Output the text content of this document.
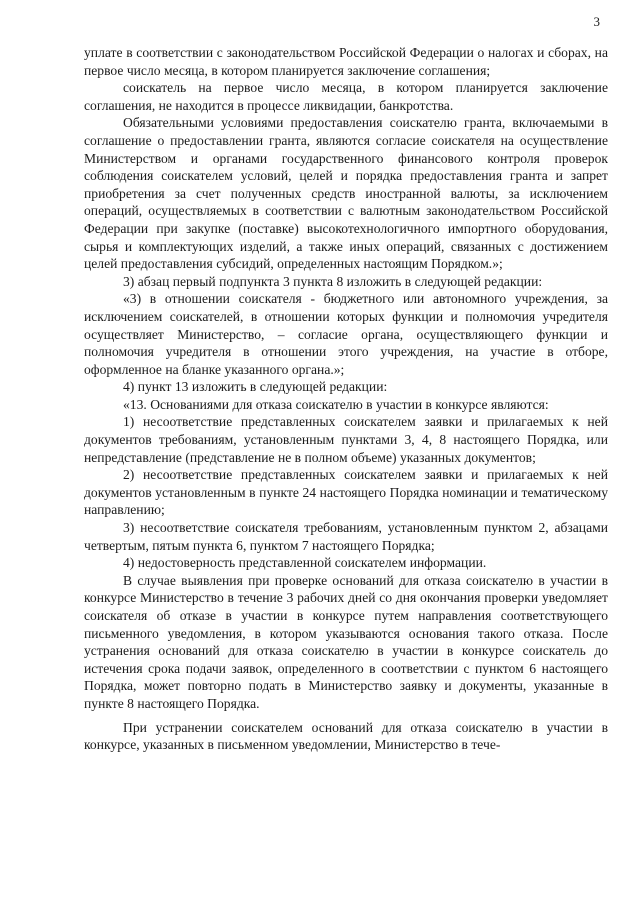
3

уплате в соответствии с законодательством Российской Федерации о налогах и сборах, на первое число месяца, в котором планируется заключение соглашения;

соискатель на первое число месяца, в котором планируется заключение соглашения, не находится в процессе ликвидации, банкротства.

Обязательными условиями предоставления соискателю гранта, включаемыми в соглашение о предоставлении гранта, являются согласие соискателя на осуществление Министерством и органами государственного финансового контроля проверок соблюдения соискателем условий, целей и порядка предоставления гранта и запрет приобретения за счет полученных средств иностранной валюты, за исключением операций, осуществляемых в соответствии с валютным законодательством Российской Федерации при закупке (поставке) высокотехнологичного импортного оборудования, сырья и комплектующих изделий, а также иных операций, связанных с достижением целей предоставления субсидий, определенных настоящим Порядком.»;

3) абзац первый подпункта 3 пункта 8 изложить в следующей редакции:

«3) в отношении соискателя - бюджетного или автономного учреждения, за исключением соискателей, в отношении которых функции и полномочия учредителя осуществляет Министерство, – согласие органа, осуществляющего функции и полномочия учредителя в отношении этого учреждения, на участие в отборе, оформленное на бланке указанного органа.»;

4) пункт 13 изложить в следующей редакции:

«13. Основаниями для отказа соискателю в участии в конкурсе являются:

1) несоответствие представленных соискателем заявки и прилагаемых к ней документов требованиям, установленным пунктами 3, 4, 8 настоящего Порядка, или непредставление (представление не в полном объеме) указанных документов;

2) несоответствие представленных соискателем заявки и прилагаемых к ней документов установленным в пункте 24 настоящего Порядка номинации и тематическому направлению;

3) несоответствие соискателя требованиям, установленным пунктом 2, абзацами четвертым, пятым пункта 6, пунктом 7 настоящего Порядка;

4) недостоверность представленной соискателем информации.

В случае выявления при проверке оснований для отказа соискателю в участии в конкурсе Министерство в течение 3 рабочих дней со дня окончания проверки уведомляет соискателя об отказе в участии в конкурсе путем направления соответствующего письменного уведомления, в котором указываются основания такого отказа. После устранения оснований для отказа соискателю в участии в конкурсе соискатель до истечения срока подачи заявок, определенного в соответствии с пунктом 6 настоящего Порядка, может повторно подать в Министерство заявку и документы, указанные в пункте 8 настоящего Порядка.

При устранении соискателем оснований для отказа соискателю в участии в конкурсе, указанных в письменном уведомлении, Министерство в тече-
